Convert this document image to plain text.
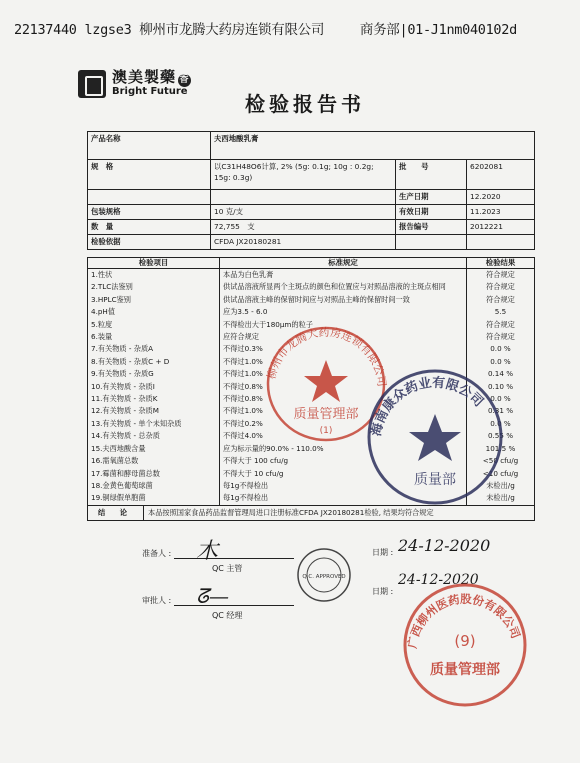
22137440 lzgse3 柳州市龙腾大药房连锁有限公司	商务部|01-J1nm040102d
澳美製藥 香
Bright Future
检验报告书
产品名称	夫西地酸乳膏		
规　格	以C31H48O6计算, 2% (5g: 0.1g; 10g : 0.2g; 15g: 0.3g)	批　　号	6202081
		生产日期	12.2020
包装规格	10 克/支	有效日期	11.2023
数　量	72,755　支	报告编号	2012221
检验依据	CFDA JX20180281		
检验项目	标准规定	检验结果
1.性状	本品为白色乳膏	符合规定
2.TLC法鉴别	供试品溶液所显两个主斑点的颜色和位置应与对照品溶液的主斑点相同	符合规定
3.HPLC鉴别	供试品溶液主峰的保留时间应与对照品主峰的保留时间一致	符合规定
4.pH值	应为3.5 - 6.0	5.5
5.粒度	不得检出大于180μm的粒子	符合规定
6.装量	应符合规定	符合规定
7.有关物质 - 杂质A	不得过0.3%	0.0 %
8.有关物质 - 杂质C + D	不得过1.0%	0.0 %
9.有关物质 - 杂质G	不得过1.0%	0.14 %
10.有关物质 - 杂质I	不得过0.8%	0.10 %
11.有关物质 - 杂质K	不得过0.8%	0.0 %
12.有关物质 - 杂质M	不得过1.0%	0.31 %
13.有关物质 - 单个未知杂质	不得过0.2%	0.0 %
14.有关物质 - 总杂质	不得过4.0%	0.55 %
15.夫西地酸含量	应为标示量的90.0% - 110.0%	101.5 %
16.需氧菌总数	不得大于 100 cfu/g	<50 cfu/g
17.霉菌和酵母菌总数	不得大于 10 cfu/g	<10 cfu/g
18.金黄色葡萄球菌	每1g不得检出	未检出/g
19.铜绿假单胞菌	每1g不得检出	未检出/g
结 论	本品按照国家食品药品监督管理局进口注册标准CFDA JX20180281检验, 结果均符合规定
准备人 :
QC 主管
木
审批人 :
QC 经理
ᘔ—
日期 : 24-12-2020
日期 :
24-12-2020
柳州市龙腾大药房连锁有限公司
质量管理部
(1)	海南康众药业有限公司
质量部
Q.C. APPROVED
广西柳州医药股份有限公司
(9)
质量管理部
